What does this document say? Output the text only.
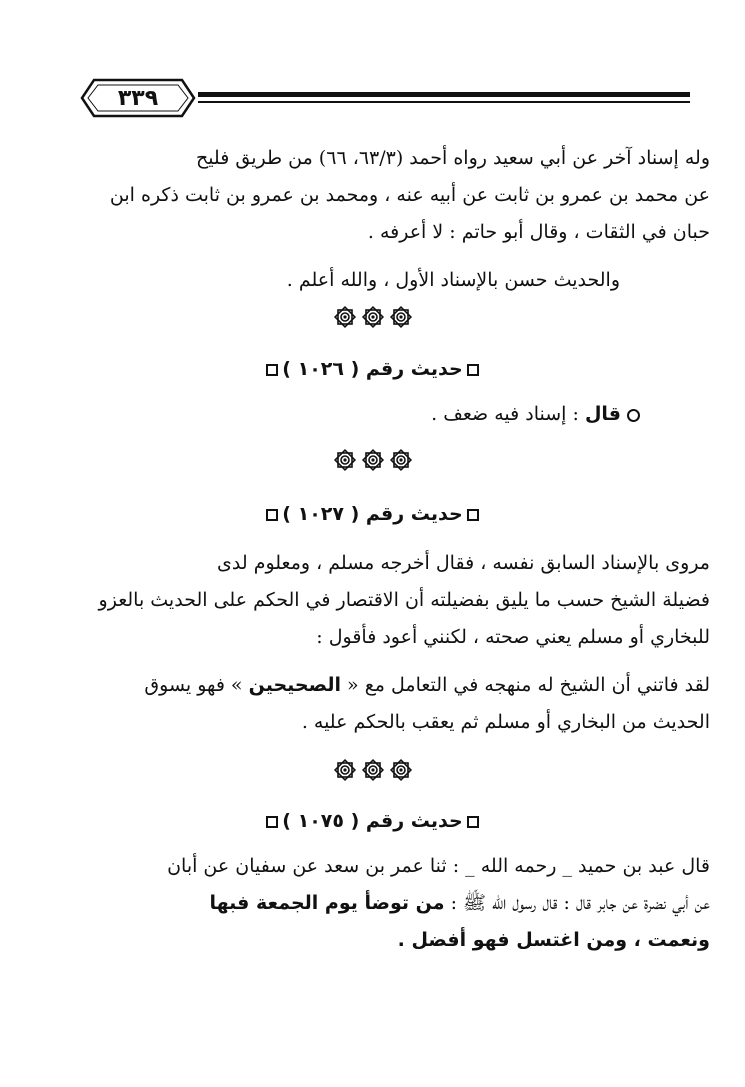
٣٣٩
وله إسناد آخر عن أبي سعيد رواه أحمد (٦٣/٣، ٦٦) من طريق فليح
عن محمد بن عمرو بن ثابت عن أبيه عنه ، ومحمد بن عمرو بن ثابت ذكره ابن
حبان في الثقات ، وقال أبو حاتم : لا أعرفه .
والحديث حسن بالإسناد الأول ، والله أعلم .
حديث رقم ( ١٠٢٦ )
قال : إسناد فيه ضعف .
حديث رقم ( ١٠٢٧ )
مروى بالإسناد السابق نفسه ، فقال أخرجه مسلم ، ومعلوم لدى
فضيلة الشيخ حسب ما يليق بفضيلته أن الاقتصار في الحكم على الحديث بالعزو
للبخاري أو مسلم يعني صحته ، لكنني أعود فأقول :
لقد فاتني أن الشيخ له منهجه في التعامل مع « الصحيحين » فهو يسوق
الحديث من البخاري أو مسلم ثم يعقب بالحكم عليه .
حديث رقم ( ١٠٧٥ )
قال عبد بن حميد _ رحمه الله _ : ثنا عمر بن سعد عن سفيان عن أبان
عن أبي نضرة عن جابر قال : قال رسول الله ﷺ : من توضأ يوم الجمعة فبها
ونعمت ، ومن اغتسل فهو أفضل .
